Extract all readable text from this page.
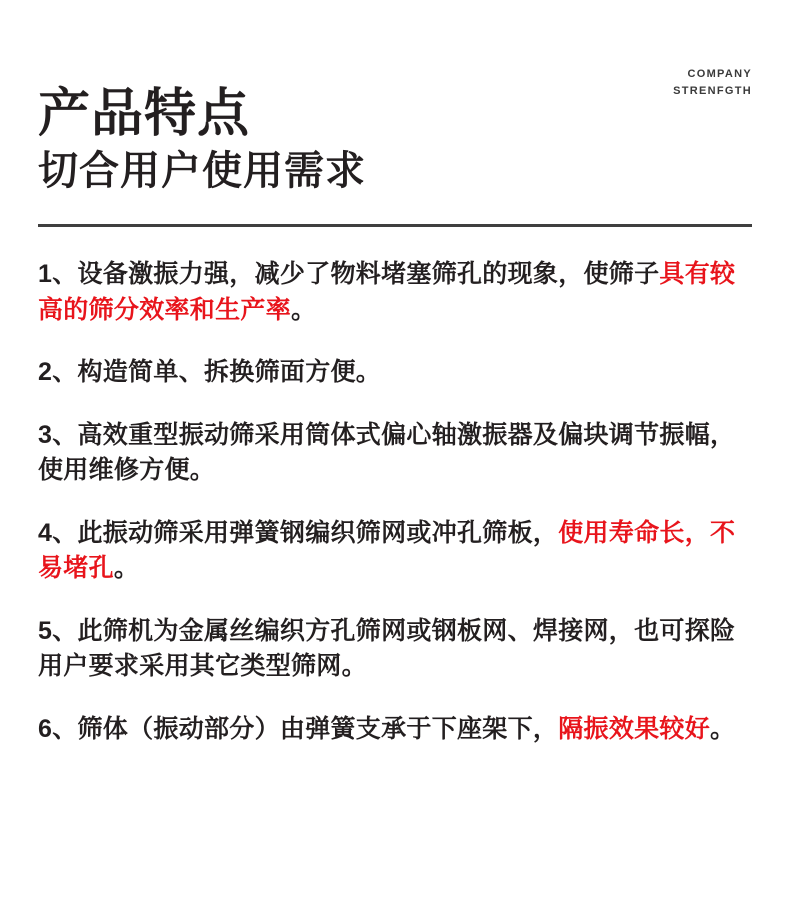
COMPANY
STRENFGTH
产品特点
切合用户使用需求

1、设备激振力强，减少了物料堵塞筛孔的现象，使筛子具有较高的筛分效率和生产率。

2、构造简单、拆换筛面方便。

3、高效重型振动筛采用筒体式偏心轴激振器及偏块调节振幅，使用维修方便。

4、此振动筛采用弹簧钢编织筛网或冲孔筛板，使用寿命长，不易堵孔。

5、此筛机为金属丝编织方孔筛网或钢板网、焊接网，也可探险用户要求采用其它类型筛网。

6、筛体（振动部分）由弹簧支承于下座架下，隔振效果较好。
